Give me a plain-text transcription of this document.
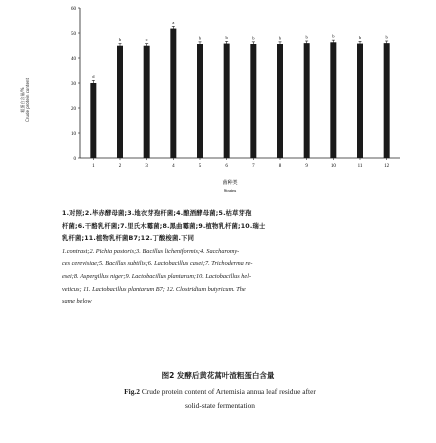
0
10
20
30
40
50
60
d
b	c
a
b	b	b	b	b	b	b	b
1	2	3	4	5	6	7	8	9	10	11	12
菌种类
Strains
粗蛋白含量/% Crude protein content

1.对照;2.毕赤酵母菌;3.地衣芽孢杆菌;4.酿酒酵母菌;5.枯草芽孢

杆菌;6.干酪乳杆菌;7.里氏木霉菌;8.黑曲霉菌;9.植物乳杆菌;10.瑞士

乳杆菌;11.植物乳杆菌B7;12.丁酸梭菌.下同

1.contrast;2. Pichia pastoris;3. Bacillus licheniformis;4. Saccharomy-

ces cerevisiae;5. Bacillus subtilis;6. Lactobacillus casei;7. Trichoderma re-

esei;8. Aspergillus niger;9. Lactobacillus plantarum;10. Lactobacillus hel-

veticus; 11. Lactobacillus plantarum B7; 12. Clostridium butyricum. The

same below

图2 发酵后黄花蒿叶渣粗蛋白含量
Fig.2 Crude protein content of Artemisia annua leaf residue after
solid-state fermentation
